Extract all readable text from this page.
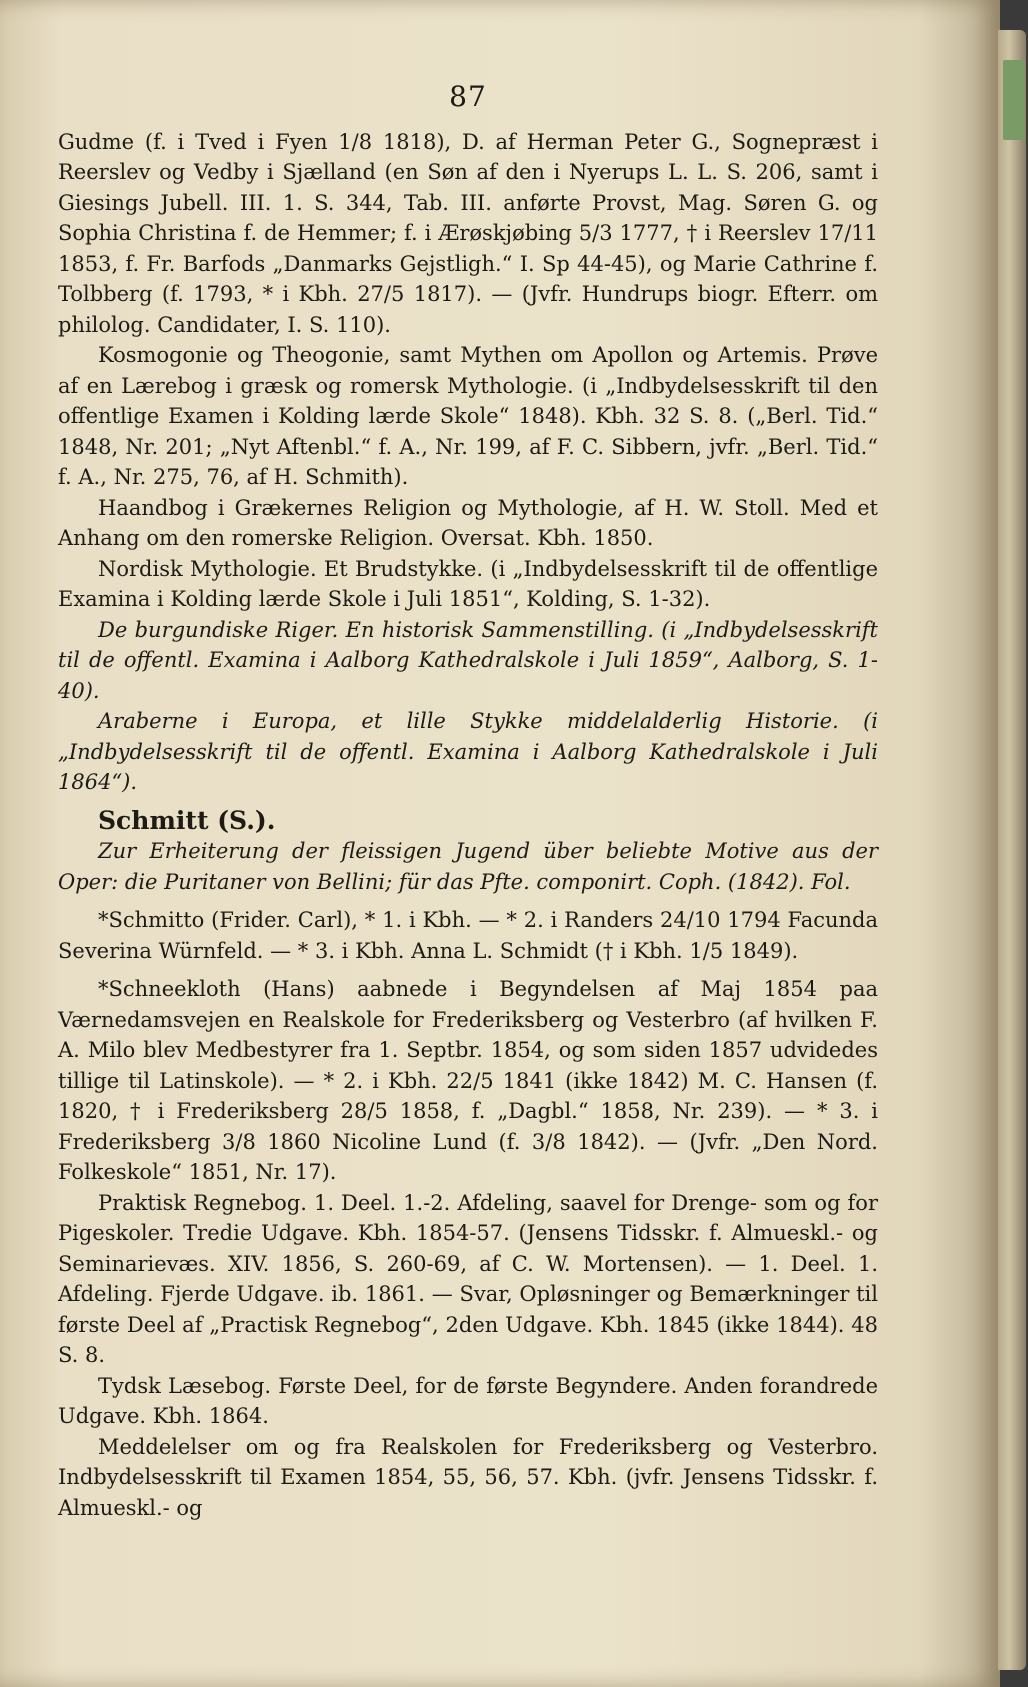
87

Gudme (f. i Tved i Fyen 1/8 1818), D. af Herman Peter G., Sognepræst i Reerslev og Vedby i Sjælland (en Søn af den i Nyerups L. L. S. 206, samt i Giesings Jubell. III. 1. S. 344, Tab. III. anførte Provst, Mag. Søren G. og Sophia Christina f. de Hemmer; f. i Ærøskjøbing 5/3 1777, † i Reerslev 17/11 1853, f. Fr. Barfods „Danmarks Gejstligh.“ I. Sp 44-45), og Marie Cathrine f. Tolbberg (f. 1793, * i Kbh. 27/5 1817). — (Jvfr. Hundrups biogr. Efterr. om philolog. Candidater, I. S. 110).

Kosmogonie og Theogonie, samt Mythen om Apollon og Artemis. Prøve af en Lærebog i græsk og romersk Mythologie. (i „Indbydelsesskrift til den offentlige Examen i Kolding lærde Skole“ 1848). Kbh. 32 S. 8. („Berl. Tid.“ 1848, Nr. 201; „Nyt Aftenbl.“ f. A., Nr. 199, af F. C. Sibbern, jvfr. „Berl. Tid.“ f. A., Nr. 275, 76, af H. Schmith).

Haandbog i Grækernes Religion og Mythologie, af H. W. Stoll. Med et Anhang om den romerske Religion. Oversat. Kbh. 1850.

Nordisk Mythologie. Et Brudstykke. (i „Indbydelsesskrift til de offentlige Examina i Kolding lærde Skole i Juli 1851“, Kolding, S. 1-32).

De burgundiske Riger. En historisk Sammenstilling. (i „Indbydelsesskrift til de offentl. Examina i Aalborg Kathedralskole i Juli 1859“, Aalborg, S. 1-40).

Araberne i Europa, et lille Stykke middelalderlig Historie. (i „Indbydelsesskrift til de offentl. Examina i Aalborg Kathedralskole i Juli 1864“).

Schmitt (S.).

Zur Erheiterung der fleissigen Jugend über beliebte Motive aus der Oper: die Puritaner von Bellini; für das Pfte. componirt. Coph. (1842). Fol.

*Schmitto (Frider. Carl), * 1. i Kbh. — * 2. i Randers 24/10 1794 Facunda Severina Würnfeld. — * 3. i Kbh. Anna L. Schmidt († i Kbh. 1/5 1849).

*Schneekloth (Hans) aabnede i Begyndelsen af Maj 1854 paa Værnedamsvejen en Realskole for Frederiksberg og Vesterbro (af hvilken F. A. Milo blev Medbestyrer fra 1. Septbr. 1854, og som siden 1857 udvidedes tillige til Latinskole). — * 2. i Kbh. 22/5 1841 (ikke 1842) M. C. Hansen (f. 1820, † i Frederiksberg 28/5 1858, f. „Dagbl.“ 1858, Nr. 239). — * 3. i Frederiksberg 3/8 1860 Nicoline Lund (f. 3/8 1842). — (Jvfr. „Den Nord. Folkeskole“ 1851, Nr. 17).

Praktisk Regnebog. 1. Deel. 1.-2. Afdeling, saavel for Drenge- som og for Pigeskoler. Tredie Udgave. Kbh. 1854-57. (Jensens Tidsskr. f. Almueskl.- og Seminarievæs. XIV. 1856, S. 260-69, af C. W. Mortensen). — 1. Deel. 1. Afdeling. Fjerde Udgave. ib. 1861. — Svar, Opløsninger og Bemærkninger til første Deel af „Practisk Regnebog“, 2den Udgave. Kbh. 1845 (ikke 1844). 48 S. 8.

Tydsk Læsebog. Første Deel, for de første Begyndere. Anden forandrede Udgave. Kbh. 1864.

Meddelelser om og fra Realskolen for Frederiksberg og Vesterbro. Indbydelsesskrift til Examen 1854, 55, 56, 57. Kbh. (jvfr. Jensens Tidsskr. f. Almueskl.- og
